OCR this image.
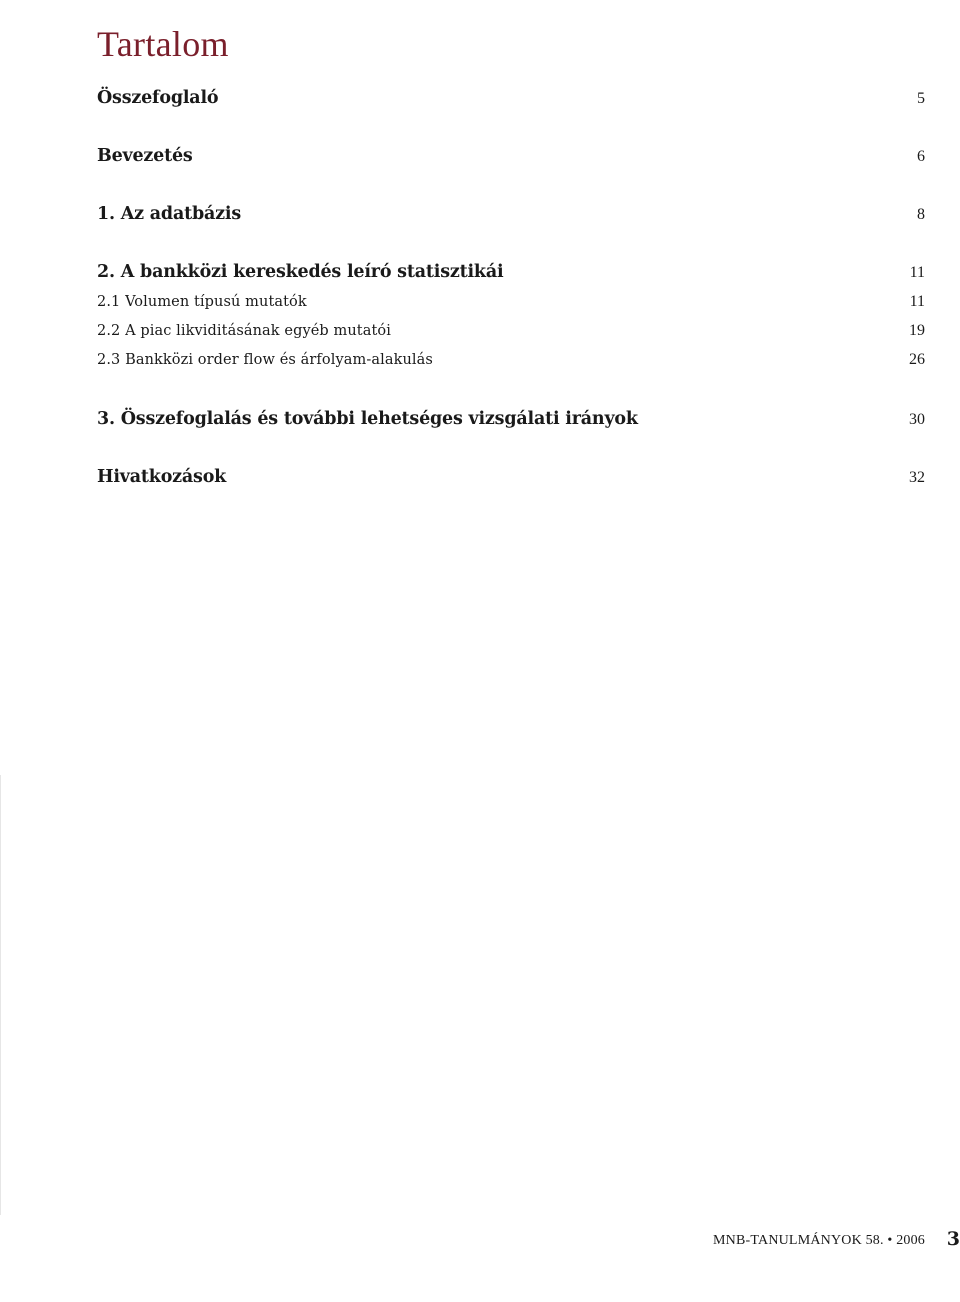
Tartalom
Összefoglaló	5
Bevezetés	6
1. Az adatbázis	8
2. A bankközi kereskedés leíró statisztikái	11
2.1 Volumen típusú mutatók	11
2.2 A piac likviditásának egyéb mutatói	19
2.3 Bankközi order flow és árfolyam-alakulás	26
3. Összefoglalás és további lehetséges vizsgálati irányok	30
Hivatkozások	32
MNB-TANULMÁNYOK 58. • 2006 3
